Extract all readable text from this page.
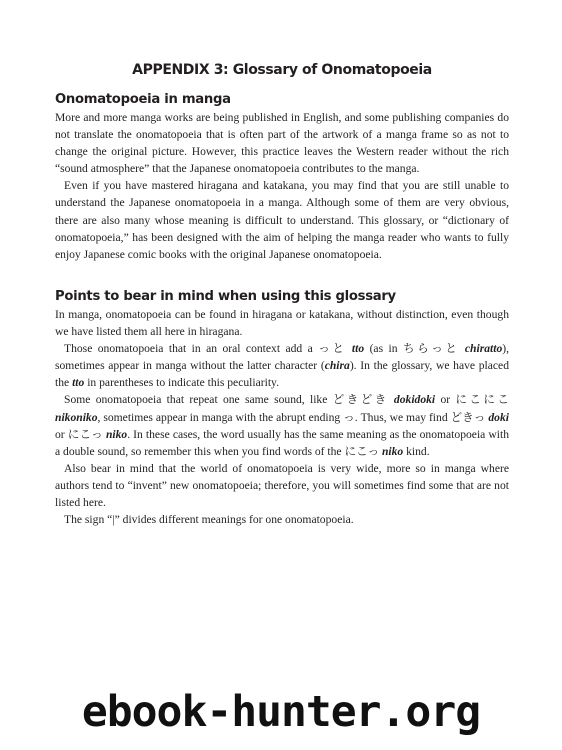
APPENDIX 3: Glossary of Onomatopoeia
Onomatopoeia in manga

More and more manga works are being published in English, and some publishing companies do not translate the onomatopoeia that is often part of the artwork of a manga frame so as not to change the original picture. However, this practice leaves the Western reader without the rich “sound atmosphere” that the Japanese onomatopoeia contributes to the manga.

Even if you have mastered hiragana and katakana, you may find that you are still unable to understand the Japanese onomatopoeia in a manga. Although some of them are very obvious, there are also many whose meaning is difficult to understand. This glossary, or “dictionary of onomatopoeia,” has been designed with the aim of helping the manga reader who wants to fully enjoy Japanese comic books with the original Japanese onomatopoeia.

Points to bear in mind when using this glossary

In manga, onomatopoeia can be found in hiragana or katakana, without distinction, even though we have listed them all here in hiragana.

Those onomatopoeia that in an oral context add a っと tto (as in ちらっと chiratto), sometimes appear in manga without the latter character (chira). In the glossary, we have placed the tto in parentheses to indicate this peculiarity.

Some onomatopoeia that repeat one same sound, like どきどき dokidoki or にこにこ nikoniko, sometimes appear in manga with the abrupt ending っ. Thus, we may find どきっ doki or にこっ niko. In these cases, the word usually has the same meaning as the onomatopoeia with a double sound, so remember this when you find words of the にこっ niko kind.

Also bear in mind that the world of onomatopoeia is very wide, more so in manga where authors tend to “invent” new onomatopoeia; therefore, you will sometimes find some that are not listed here.

The sign “|” divides different meanings for one onomatopoeia.

ebook-hunter.org
